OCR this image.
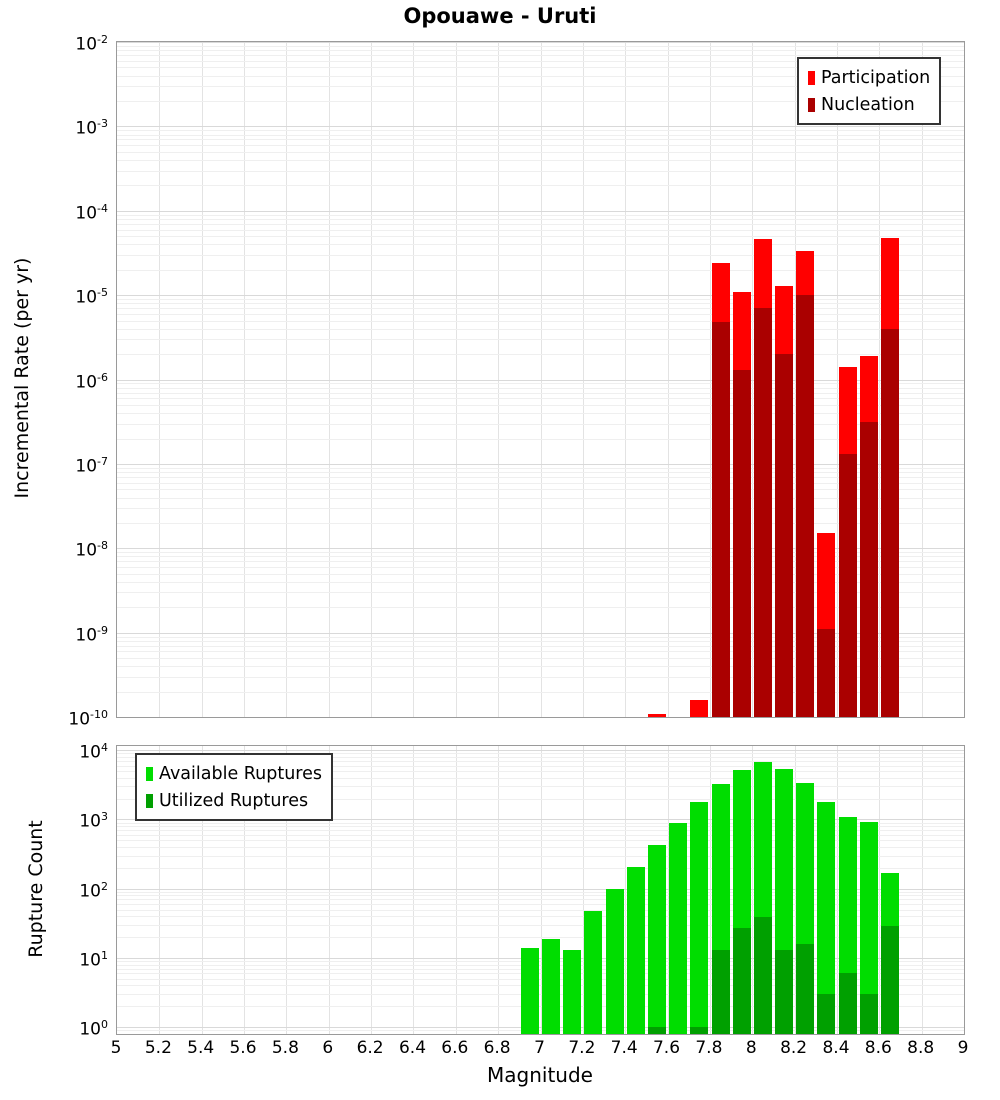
Opouawe - Uruti
Participation
Nucleation
Available Ruptures
Utilized Ruptures
Incremental Rate (per yr)
Rupture Count
Magnitude
$10^{-2}$
$10^{-3}$
$10^{-4}$
$10^{-5}$
$10^{-6}$
$10^{-7}$
$10^{-8}$
$10^{-9}$
$10^{-10}$
$10^4$
$10^3$
$10^2$
$10^1$
$10^0$
5	5.2 5.4 5.6 5.8	6	6.2 6.4 6.6 6.8	7	7.2 7.4 7.6 7.8	8	8.2 8.4 8.6 8.8	9
